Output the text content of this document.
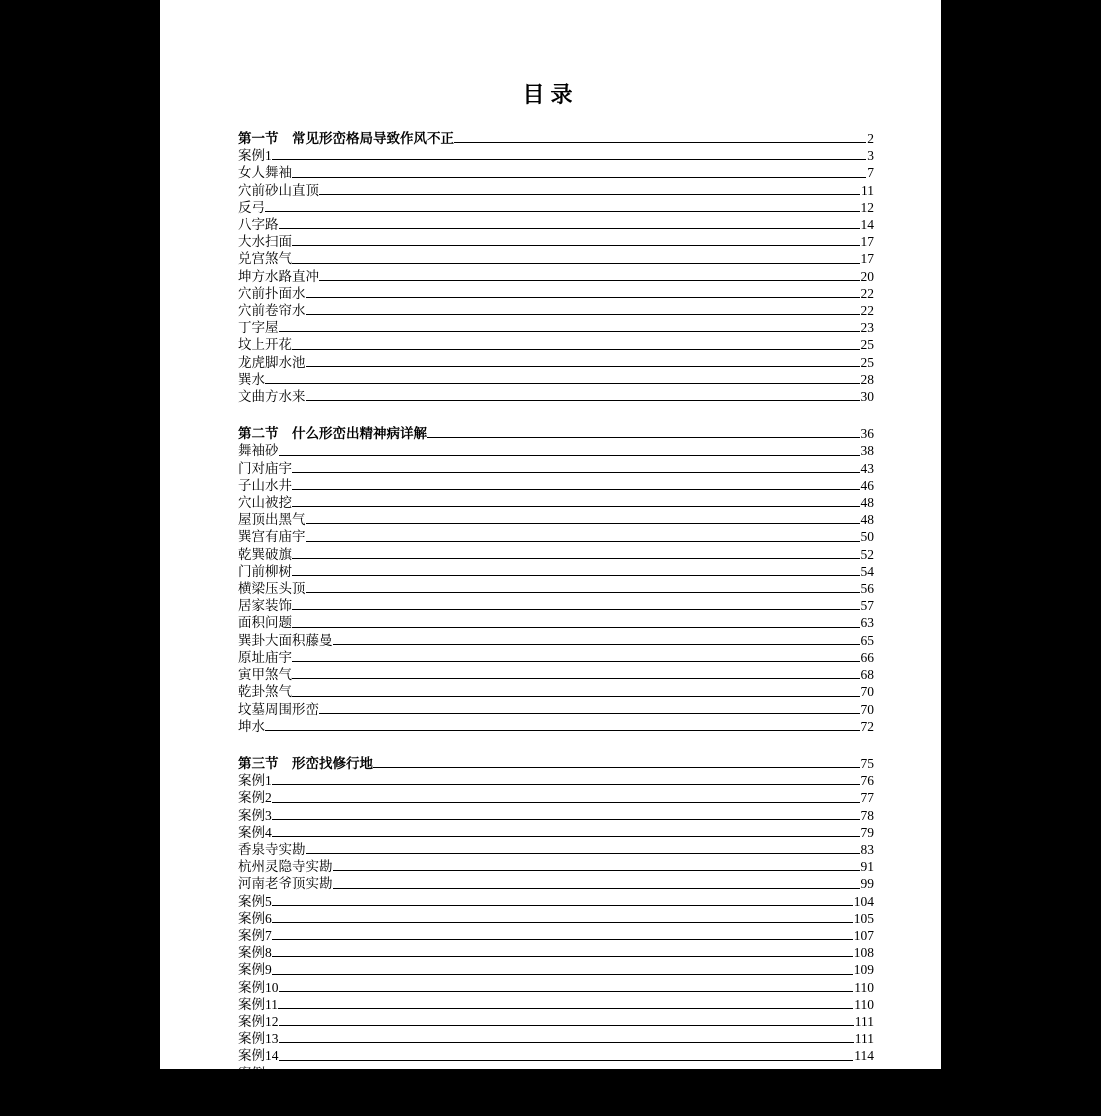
目录
第一节　常见形峦格局导致作风不正	2
案例1	3
女人舞袖	7
穴前砂山直顶	11
反弓	12
八字路	14
大水扫面	17
兑宫煞气	17
坤方水路直冲	20
穴前扑面水	22
穴前卷帘水	22
丁字屋	23
坟上开花	25
龙虎脚水池	25
巽水	28
文曲方水来	30
第二节　什么形峦出精神病详解	36
舞袖砂	38
门对庙宇	43
子山水井	46
穴山被挖	48
屋顶出黑气	48
巽宫有庙宇	50
乾巽破旗	52
门前柳树	54
横梁压头顶	56
居家装饰	57
面积问题	63
巽卦大面积藤曼	65
原址庙宇	66
寅甲煞气	68
乾卦煞气	70
坟墓周围形峦	70
坤水	72
第三节　形峦找修行地	75
案例1	76
案例2	77
案例3	78
案例4	79
香泉寺实勘	83
杭州灵隐寺实勘	91
河南老爷顶实勘	99
案例5	104
案例6	105
案例7	107
案例8	108
案例9	109
案例10	110
案例11	110
案例12	111
案例13	111
案例14	114
案例15	119
案例16	120
案例17	121
